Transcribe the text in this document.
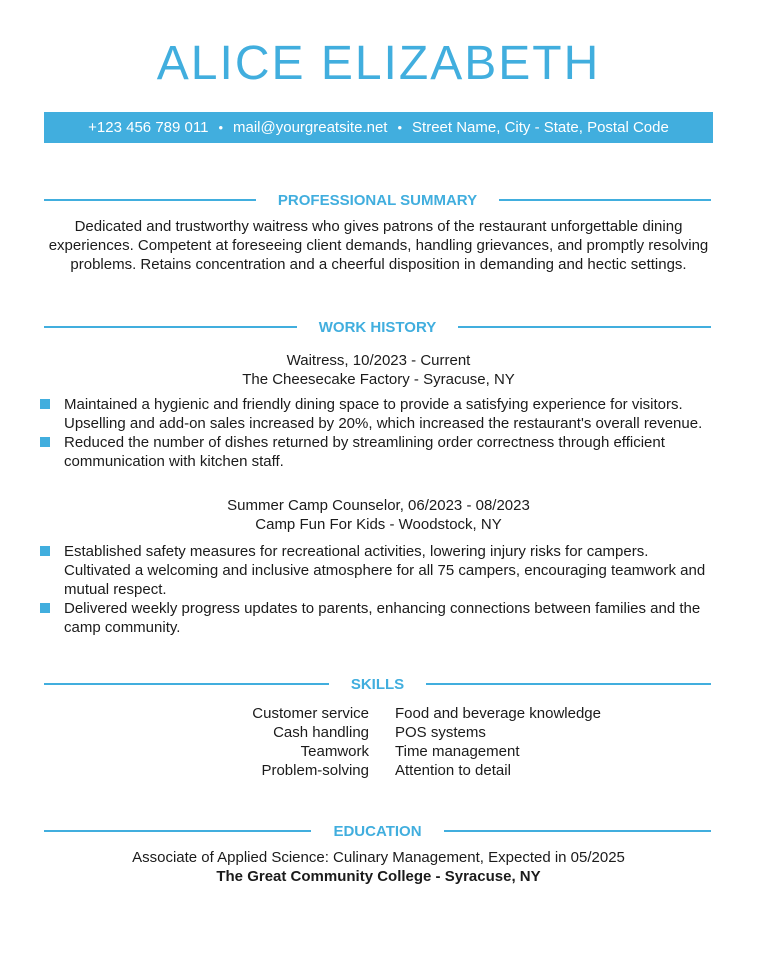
ALICE ELIZABETH
+123 456 789 011 • mail@yourgreatsite.net • Street Name, City - State, Postal Code
PROFESSIONAL SUMMARY

Dedicated and trustworthy waitress who gives patrons of the restaurant unforgettable dining experiences. Competent at foreseeing client demands, handling grievances, and promptly resolving problems. Retains concentration and a cheerful disposition in demanding and hectic settings.

WORK HISTORY
Waitress, 10/2023 - Current
The Cheesecake Factory - Syracuse, NY
Maintained a hygienic and friendly dining space to provide a satisfying experience for visitors. Upselling and add-on sales increased by 20%, which increased the restaurant's overall revenue.
Reduced the number of dishes returned by streamlining order correctness through efficient communication with kitchen staff.
Summer Camp Counselor, 06/2023 - 08/2023
Camp Fun For Kids - Woodstock, NY
Established safety measures for recreational activities, lowering injury risks for campers. Cultivated a welcoming and inclusive atmosphere for all 75 campers, encouraging teamwork and mutual respect.
Delivered weekly progress updates to parents, enhancing connections between families and the camp community.
SKILLS
Customer service
Cash handling
Teamwork
Problem-solving
Food and beverage knowledge
POS systems
Time management
Attention to detail
EDUCATION
Associate of Applied Science: Culinary Management, Expected in 05/2025
The Great Community College - Syracuse, NY
